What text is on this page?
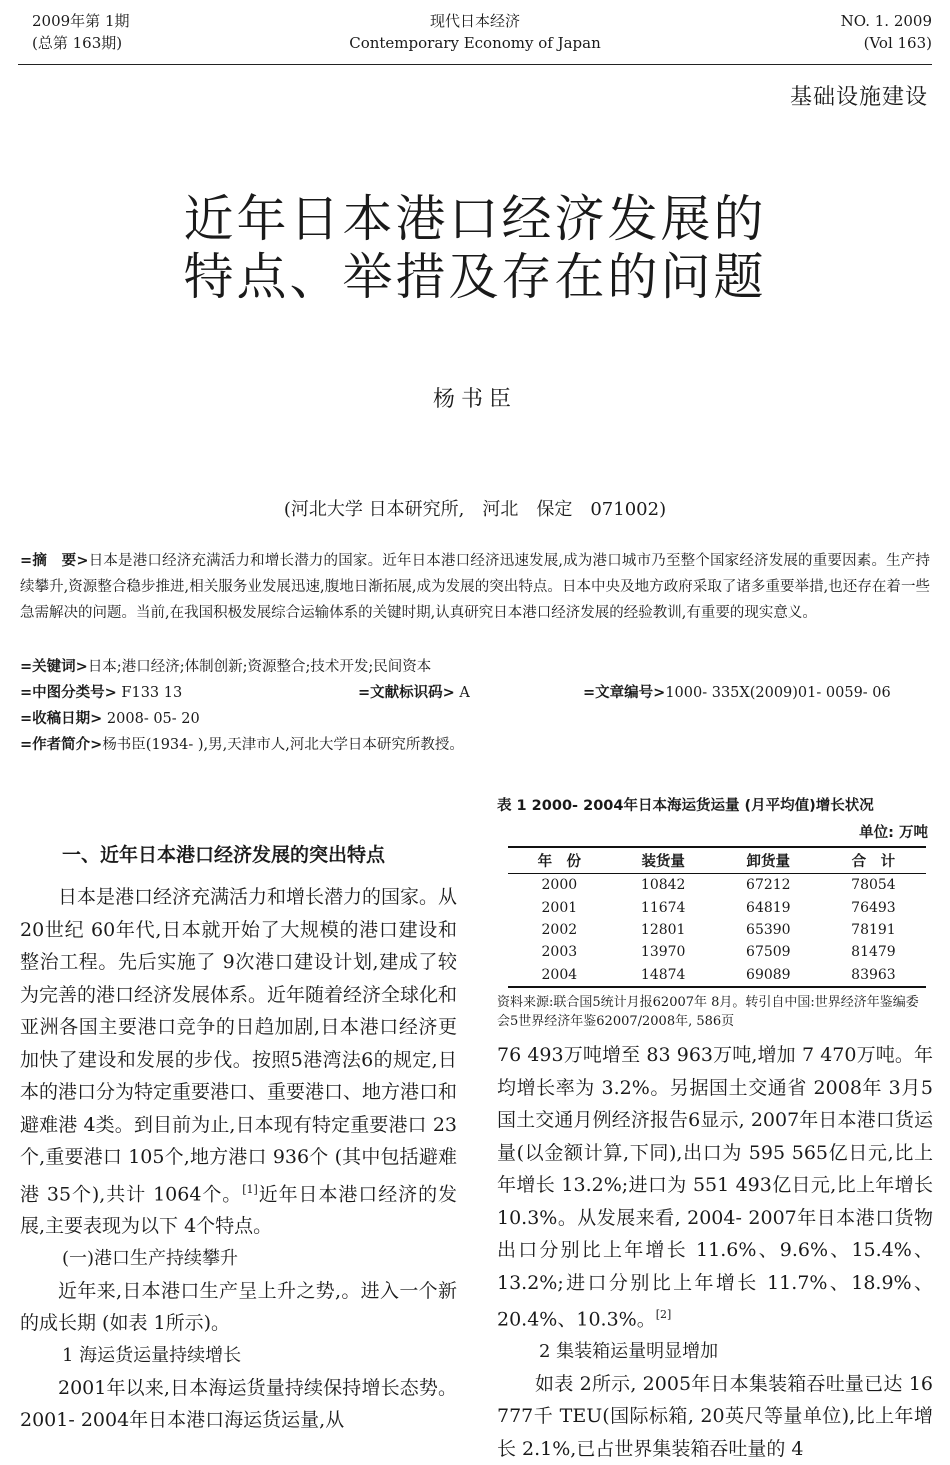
2009年第 1期
(总第 163期)
现代日本经济
Contemporary Economy of Japan
NO. 1. 2009
(Vol 163)
基础设施建设
近年日本港口经济发展的
特点、举措及存在的问题
杨书臣
(河北大学 日本研究所,　河北　保定　071002)
=摘　要>日本是港口经济充满活力和增长潜力的国家。近年日本港口经济迅速发展,成为港口城市乃至整个国家经济发展的重要因素。生产持续攀升,资源整合稳步推进,相关服务业发展迅速,腹地日渐拓展,成为发展的突出特点。日本中央及地方政府采取了诸多重要举措,也还存在着一些急需解决的问题。当前,在我国积极发展综合运输体系的关键时期,认真研究日本港口经济发展的经验教训,有重要的现实意义。
=关键词>日本;港口经济;体制创新;资源整合;技术开发;民间资本
=中图分类号> F133 13	=文献标识码> A	=文章编号>1000- 335X(2009)01- 0059- 06
=收稿日期> 2008- 05- 20
=作者简介>杨书臣(1934- ),男,天津市人,河北大学日本研究所教授。
一、近年日本港口经济发展的突出特点

日本是港口经济充满活力和增长潜力的国家。从 20世纪 60年代,日本就开始了大规模的港口建设和整治工程。先后实施了 9次港口建设计划,建成了较为完善的港口经济发展体系。近年随着经济全球化和亚洲各国主要港口竞争的日趋加剧,日本港口经济更加快了建设和发展的步伐。按照5港湾法6的规定,日本的港口分为特定重要港口、重要港口、地方港口和避难港 4类。到目前为止,日本现有特定重要港口 23个,重要港口 105个,地方港口 936个 (其中包括避难港 35个),共计 1064个。[1]近年日本港口经济的发展,主要表现为以下 4个特点。

(一)港口生产持续攀升

近年来,日本港口生产呈上升之势,。进入一个新的成长期 (如表 1所示)。

1 海运货运量持续增长

2001年以来,日本海运货量持续保持增长态势。2001- 2004年日本港口海运货运量,从

表 1 2000- 2004年日本海运货运量 (月平均值)增长状况
单位: 万吨
年　份	装货量	卸货量	合　计
2000	10842	67212	78054
2001	11674	64819	76493
2002	12801	65390	78191
2003	13970	67509	81479
2004	14874	69089	83963
资料来源:联合国5统计月报62007年 8月。转引自中国:世界经济年鉴编委会5世界经济年鉴62007/2008年, 586页

76 493万吨增至 83 963万吨,增加 7 470万吨。年均增长率为 3.2%。另据国土交通省 2008年 3月5国土交通月例经济报告6显示, 2007年日本港口货运量(以金额计算,下同),出口为 595 565亿日元,比上年增长 13.2%;进口为 551 493亿日元,比上年增长 10.3%。从发展来看, 2004- 2007年日本港口货物出口分别比上年增长 11.6%、9.6%、15.4%、13.2%;进口分别比上年增长 11.7%、18.9%、20.4%、10.3%。[2]

2 集装箱运量明显增加

如表 2所示, 2005年日本集装箱吞吐量已达 16 777千 TEU(国际标箱, 20英尺等量单位),比上年增长 2.1%,已占世界集装箱吞吐量的 4
